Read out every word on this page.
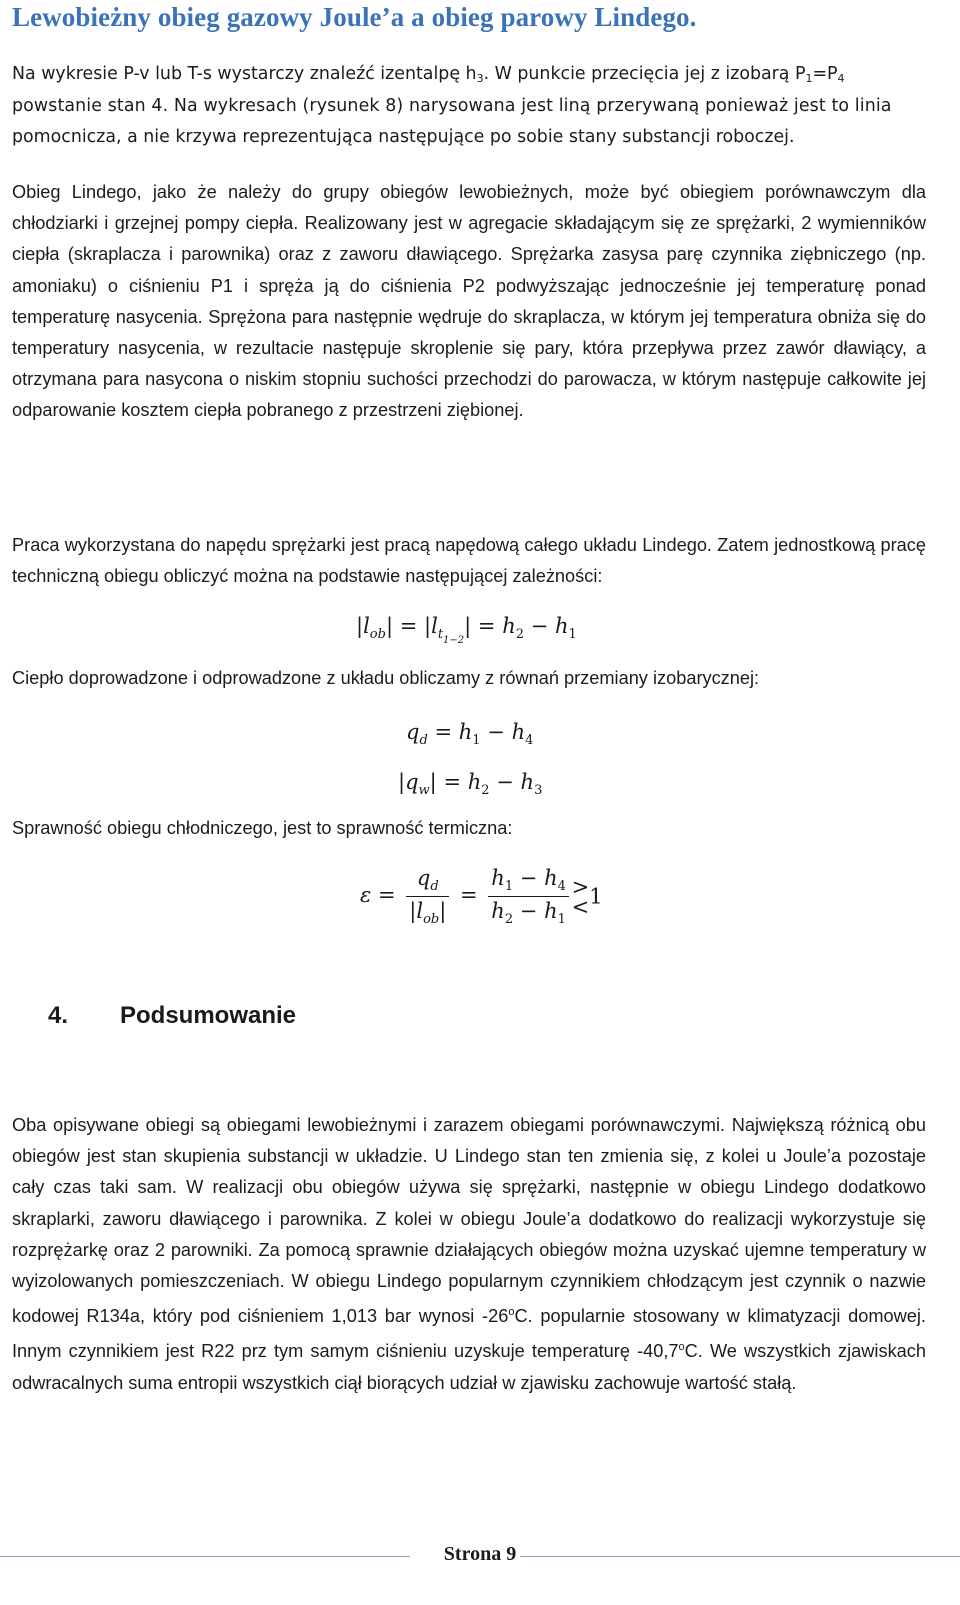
Lewobieżny obieg gazowy Joule’a a obieg parowy Lindego.

Na wykresie P-v lub T-s wystarczy znaleźć izentalpę $h_3$. W punkcie przecięcia jej z izobarą $P_1=P_4$

powstanie stan 4. Na wykresach (rysunek 8) narysowana jest liną przerywaną ponieważ jest to linia

pomocnicza, a nie krzywa reprezentująca następujące po sobie stany substancji roboczej.

Obieg Lindego, jako że należy do grupy obiegów lewobieżnych, może być obiegiem porównawczym dla chłodziarki i grzejnej pompy ciepła. Realizowany jest w agregacie składającym się ze sprężarki, 2 wymienników ciepła (skraplacza i parownika) oraz z zaworu dławiącego. Sprężarka zasysa parę czynnika ziębniczego (np. amoniaku) o ciśnieniu P1 i spręża ją do ciśnienia P2 podwyższając jednocześnie jej temperaturę ponad temperaturę nasycenia. Sprężona para następnie wędruje do skraplacza, w którym jej temperatura obniża się do temperatury nasycenia, w rezultacie następuje skroplenie się pary, która przepływa przez zawór dławiący, a otrzymana para nasycona o niskim stopniu suchości przechodzi do parowacza, w którym następuje całkowite jej odparowanie kosztem ciepła pobranego z przestrzeni ziębionej.

Praca wykorzystana do napędu sprężarki jest pracą napędową całego układu Lindego. Zatem jednostkową pracę techniczną obiegu obliczyć można na podstawie następującej zależności:

$|l_{ob}| = |l_{t_{1-2}}| = h_2 - h_1$

Ciepło doprowadzone i odprowadzone z układu obliczamy z równań przemiany izobarycznej:

$q_d = h_1 - h_4$
$|q_w| = h_2 - h_3$

Sprawność obiegu chłodniczego, jest to sprawność termiczna:

$\varepsilon = \frac{q_d}{|l_{ob}|} = \frac{h_1 - h_4}{h_2 - h_1}$
>
< 1
4. Podsumowanie

Oba opisywane obiegi są obiegami lewobieżnymi i zarazem obiegami porównawczymi. Największą różnicą obu obiegów jest stan skupienia substancji w układzie. U Lindego stan ten zmienia się, z kolei u Joule’a pozostaje cały czas taki sam. W realizacji obu obiegów używa się sprężarki, następnie w obiegu Lindego dodatkowo skraplarki, zaworu dławiącego i parownika. Z kolei w obiegu Joule’a dodatkowo do realizacji wykorzystuje się rozprężarkę oraz 2 parowniki. Za pomocą sprawnie działających obiegów można uzyskać ujemne temperatury w wyizolowanych pomieszczeniach. W obiegu Lindego popularnym czynnikiem chłodzącym jest czynnik o nazwie kodowej R134a, który pod ciśnieniem 1,013 bar wynosi -26$^o$C. popularnie stosowany w klimatyzacji domowej. Innym czynnikiem jest R22 prz tym samym ciśnieniu uzyskuje temperaturę -40,7$^o$C. We wszystkich zjawiskach odwracalnych suma entropii wszystkich ciął biorących udział w zjawisku zachowuje wartość stałą.

Strona 9
